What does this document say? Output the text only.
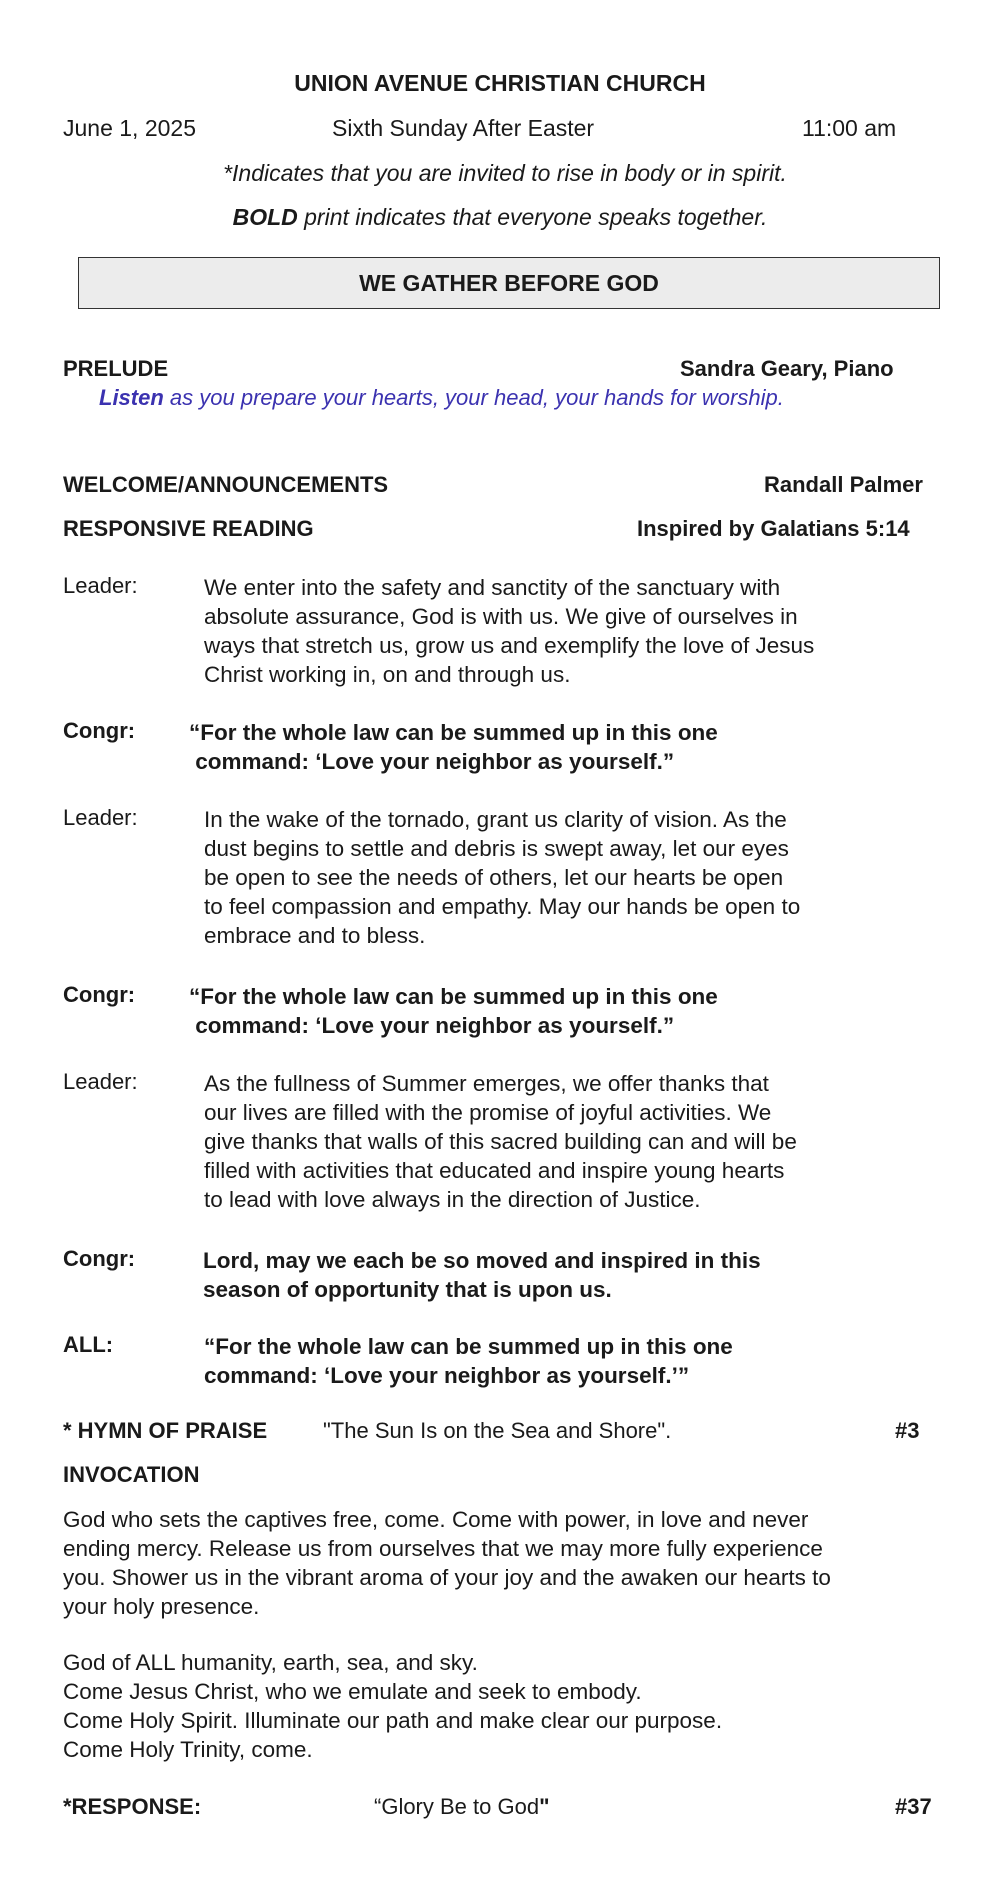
UNION AVENUE CHRISTIAN CHURCH
June 1, 2025	Sixth Sunday After Easter	11:00 am
*Indicates that you are invited to rise in body or in spirit.
BOLD print indicates that everyone speaks together.
WE GATHER BEFORE GOD
PRELUDE	Sandra Geary, Piano
Listen as you prepare your hearts, your head, your hands for worship.
WELCOME/ANNOUNCEMENTS	Randall Palmer
RESPONSIVE READING	Inspired by Galatians 5:14
Leader:	We enter into the safety and sanctity of the sanctuary with
absolute assurance, God is with us. We give of ourselves in
ways that stretch us, grow us and exemplify the love of Jesus
Christ working in, on and through us.
Congr: “For the whole law can be summed up in this one
command: ‘Love your neighbor as yourself.”
Leader:	In the wake of the tornado, grant us clarity of vision. As the
dust begins to settle and debris is swept away, let our eyes
be open to see the needs of others, let our hearts be open
to feel compassion and empathy. May our hands be open to
embrace and to bless.
Congr: “For the whole law can be summed up in this one
command: ‘Love your neighbor as yourself.”
Leader:	As the fullness of Summer emerges, we offer thanks that
our lives are filled with the promise of joyful activities. We
give thanks that walls of this sacred building can and will be
filled with activities that educated and inspire young hearts
to lead with love always in the direction of Justice.
Congr:	Lord, may we each be so moved and inspired in this
season of opportunity that is upon us.
ALL:	“For the whole law can be summed up in this one
command: ‘Love your neighbor as yourself.’”
* HYMN OF PRAISE	"The Sun Is on the Sea and Shore".	#3
INVOCATION
God who sets the captives free, come. Come with power, in love and never
ending mercy. Release us from ourselves that we may more fully experience
you. Shower us in the vibrant aroma of your joy and the awaken our hearts to
your holy presence.
God of ALL humanity, earth, sea, and sky.
Come Jesus Christ, who we emulate and seek to embody.
Come Holy Spirit. Illuminate our path and make clear our purpose.
Come Holy Trinity, come.
*RESPONSE:	“Glory Be to God"	#37
